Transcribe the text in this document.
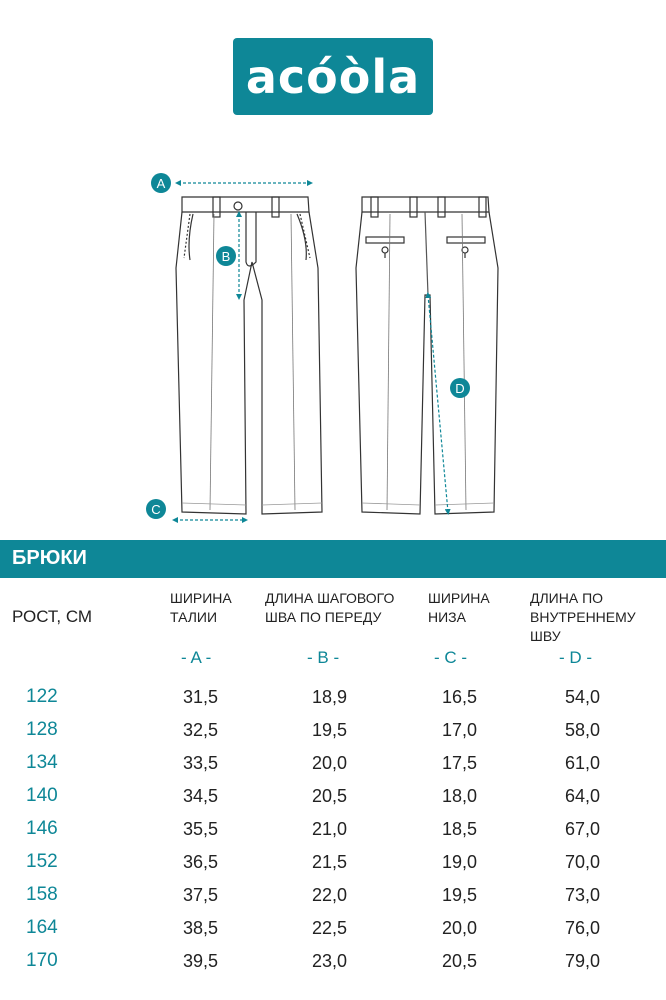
acóòla
A
B
C
D
БРЮКИ
РОСТ, СМ
ШИРИНА
ТАЛИИ
- A -
ДЛИНА ШАГОВОГО
ШВА ПО ПЕРЕДУ
- B -
ШИРИНА
НИЗА
- C -
ДЛИНА ПО
ВНУТРЕННЕМУ ШВУ
- D -
122	31,5	18,9	16,5	54,0
128	32,5	19,5	17,0	58,0
134	33,5	20,0	17,5	61,0
140	34,5	20,5	18,0	64,0
146	35,5	21,0	18,5	67,0
152	36,5	21,5	19,0	70,0
158	37,5	22,0	19,5	73,0
164	38,5	22,5	20,0	76,0
170	39,5	23,0	20,5	79,0
